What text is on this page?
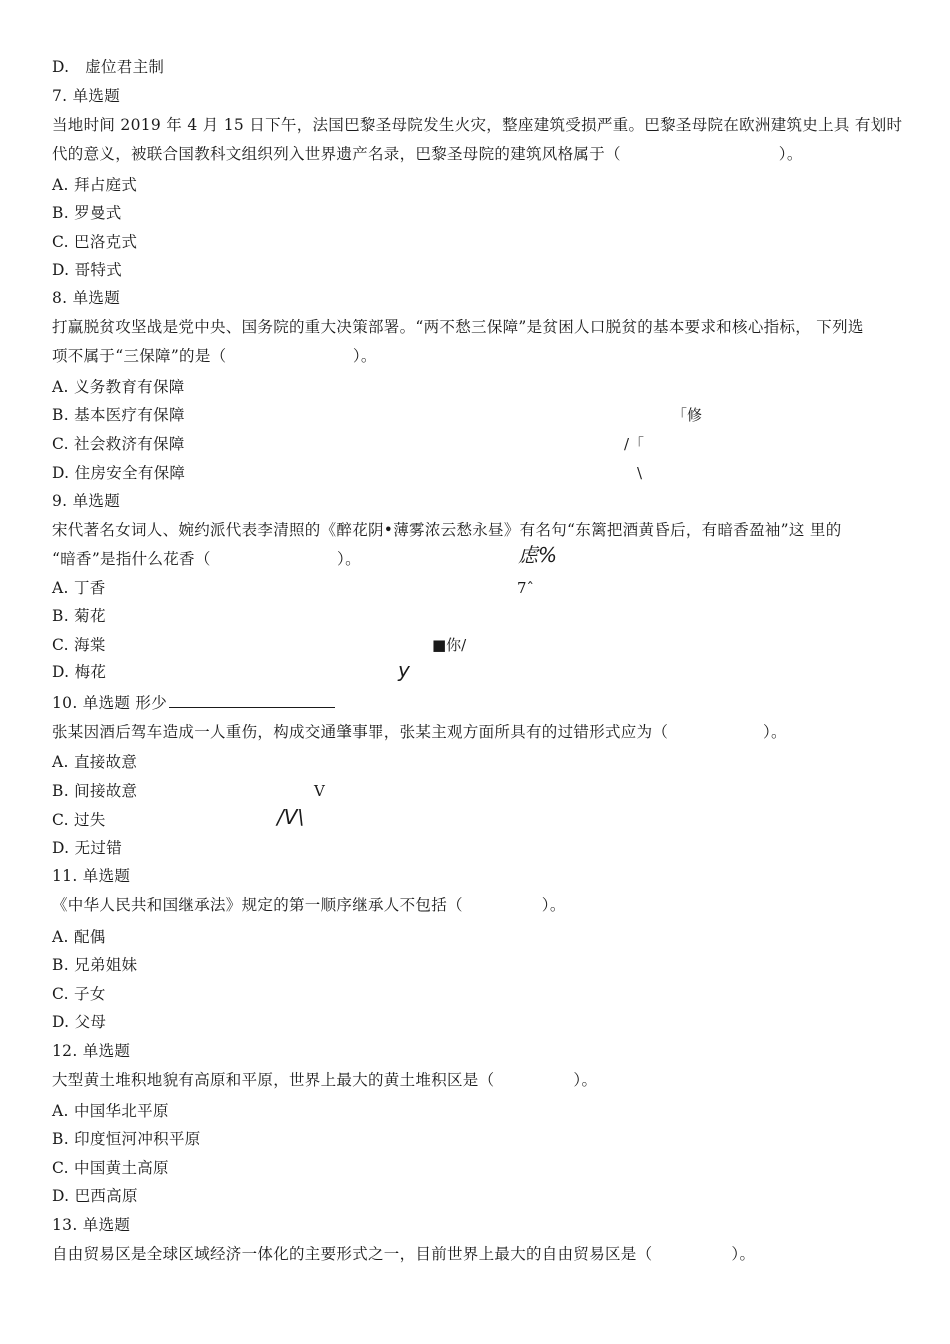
D.　虚位君主制
7. 单选题
当地时间 2019 年 4 月 15 日下午，法国巴黎圣母院发生火灾，整座建筑受损严重。巴黎圣母院在欧洲建筑史上具 有划时
代的意义，被联合国教科文组织列入世界遗产名录，巴黎圣母院的建筑风格属于（　　　　　　　　　　）。
A. 拜占庭式
B. 罗曼式
C. 巴洛克式
D. 哥特式
8. 单选题
打赢脱贫攻坚战是党中央、国务院的重大决策部署。“两不愁三保障”是贫困人口脱贫的基本要求和核心指标， 下列选
项不属于“三保障”的是（　　　　　　　　）。
A. 义务教育有保障
B. 基本医疗有保障
C. 社会救济有保障
D. 住房安全有保障
9. 单选题
宋代著名女词人、婉约派代表李清照的《醉花阴•薄雾浓云愁永昼》有名句“东篱把酒黄昏后，有暗香盈袖”这 里的
“暗香”是指什么花香（　　　　　　　　）。
A. 丁香
B. 菊花
C. 海棠
D. 梅花
10. 单选题 形少
张某因酒后驾车造成一人重伤，构成交通肇事罪，张某主观方面所具有的过错形式应为（　　　　　　）。
A. 直接故意
B. 间接故意
C. 过失
D. 无过错
11. 单选题
《中华人民共和国继承法》规定的第一顺序继承人不包括（　　　　　）。
A. 配偶
B. 兄弟姐妹
C. 子女
D. 父母
12. 单选题
大型黄土堆积地貌有高原和平原，世界上最大的黄土堆积区是（　　　　　）。
A. 中国华北平原
B. 印度恒河冲积平原
C. 中国黄土高原
D. 巴西高原
13. 单选题
自由贸易区是全球区域经济一体化的主要形式之一，目前世界上最大的自由贸易区是（　　　　　）。
「修
/「
\
虑%
7ˆ
■你/
y
V
/V\
